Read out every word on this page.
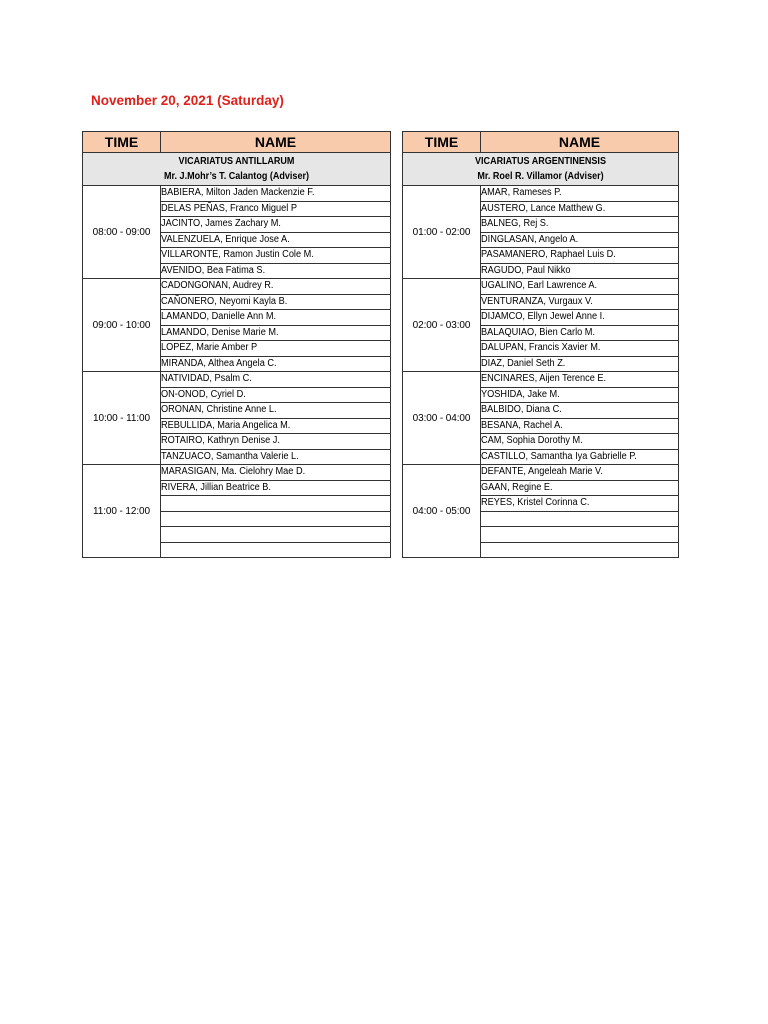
November 20, 2021 (Saturday)
TIME	NAME

VICARIATUS ANTILLARUM
Mr. J.Mohr’s T. Calantog (Adviser)	

08:00 - 09:00	BABIERA, Milton Jaden Mackenzie F.
	DELAS PEÑAS, Franco Miguel P
	JACINTO, James Zachary M.
	VALENZUELA, Enrique Jose A.
	VILLARONTE, Ramon Justin Cole M.
	AVENIDO, Bea Fatima S.
09:00 - 10:00	CADONGONAN, Audrey R.
	CAÑONERO, Neyomi Kayla B.
	LAMANDO, Danielle Ann M.
	LAMANDO, Denise Marie M.
	LOPEZ, Marie Amber P
	MIRANDA, Althea Angela C.
10:00 - 11:00	NATIVIDAD, Psalm C.
	ON-ONOD, Cyriel D.
	ORONAN, Christine Anne L.
	REBULLIDA, Maria Angelica M.
	ROTAIRO, Kathryn Denise J.
	TANZUACO, Samantha Valerie L.
11:00 - 12:00	MARASIGAN, Ma. Cielohry Mae D.
	RIVERA, Jillian Beatrice B.

TIME	NAME

VICARIATUS ARGENTINENSIS
Mr. Roel R. Villamor (Adviser)	

01:00 - 02:00	AMAR, Rameses P.
	AUSTERO, Lance Matthew G.
	BALNEG, Rej S.
	DINGLASAN, Angelo A.
	PASAMANERO, Raphael Luis D.
	RAGUDO, Paul Nikko
02:00 - 03:00	UGALINO, Earl Lawrence A.
	VENTURANZA, Vurgaux V.
	DIJAMCO, Ellyn Jewel Anne I.
	BALAQUIAO, Bien Carlo M.
	DALUPAN, Francis Xavier M.
	DIAZ, Daniel Seth Z.
03:00 - 04:00	ENCINARES, Aijen Terence E.
	YOSHIDA, Jake M.
	BALBIDO, Diana C.
	BESANA, Rachel A.
	CAM, Sophia Dorothy M.
	CASTILLO, Samantha Iya Gabrielle P.
04:00 - 05:00	DEFANTE, Angeleah Marie V.
	GAAN, Regine E.
	REYES, Kristel Corinna C.
